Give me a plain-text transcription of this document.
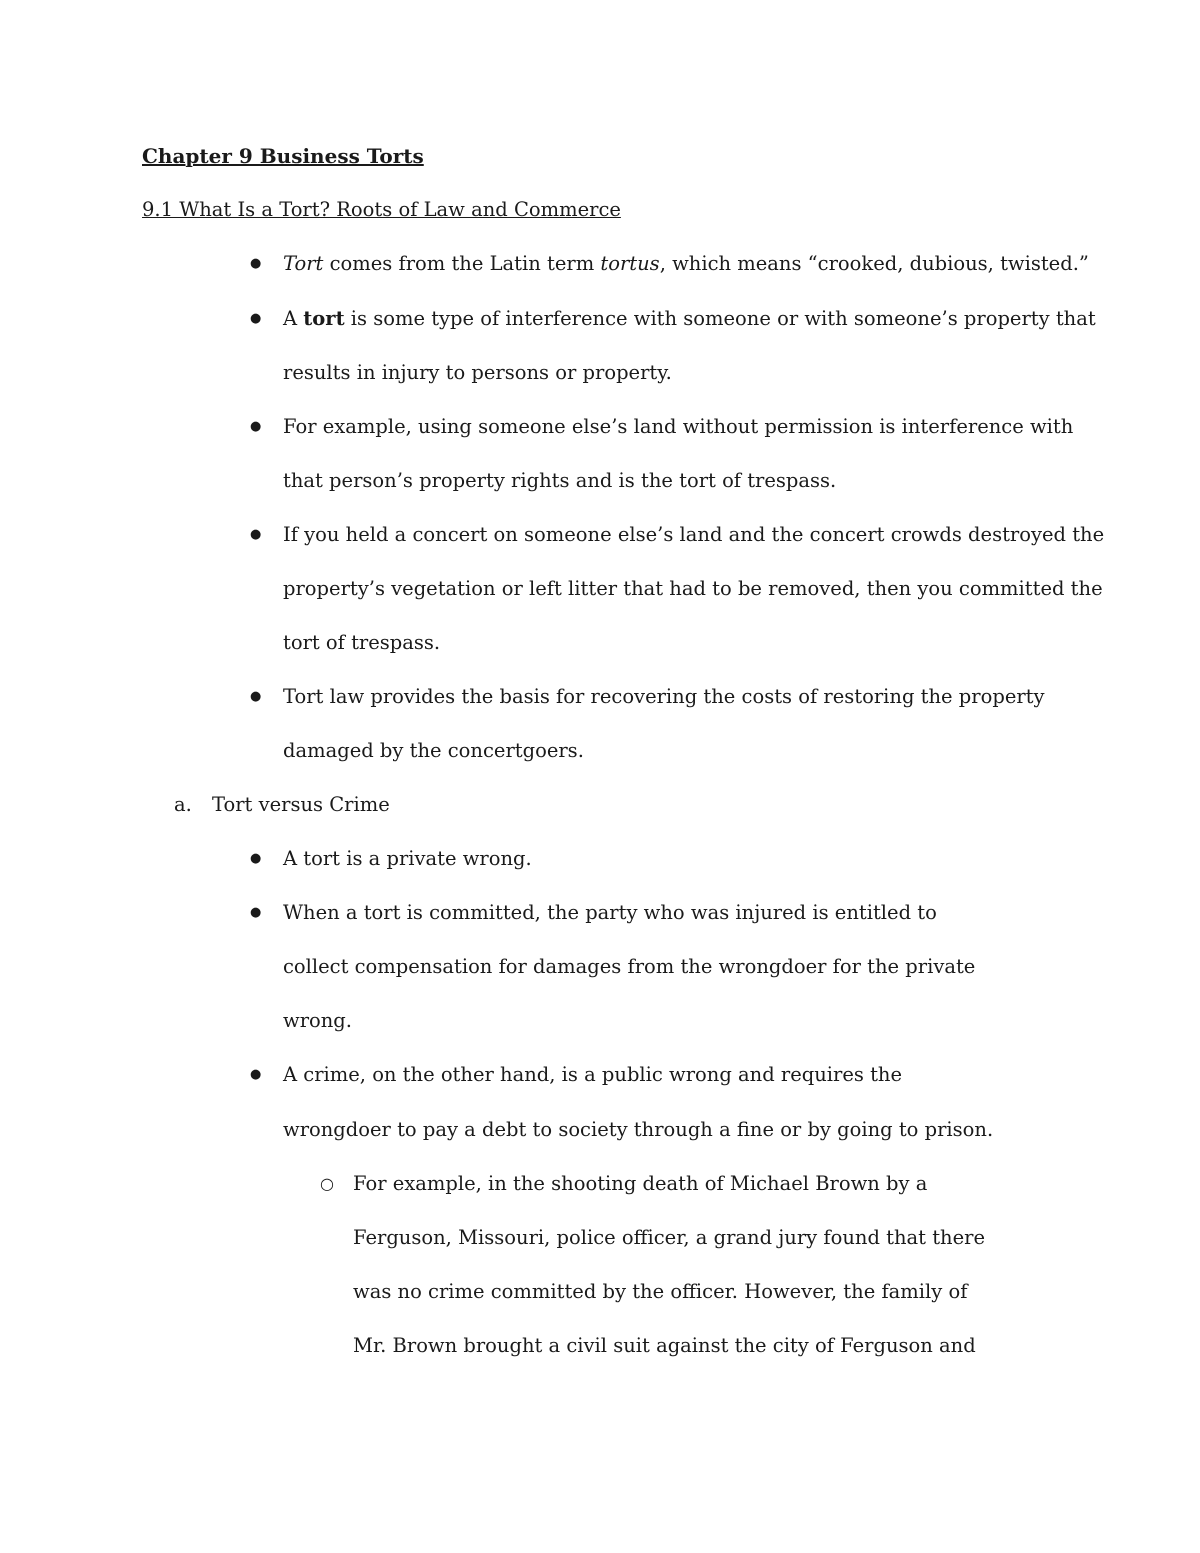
Chapter 9 Business Torts
9.1 What Is a Tort? Roots of Law and Commerce
● Tort comes from the Latin term tortus, which means “crooked, dubious, twisted.”
● A tort is some type of interference with someone or with someone’s property that
results in injury to persons or property.
● For example, using someone else’s land without permission is interference with
that person’s property rights and is the tort of trespass.
● If you held a concert on someone else’s land and the concert crowds destroyed the
property’s vegetation or left litter that had to be removed, then you committed the
tort of trespass.
● Tort law provides the basis for recovering the costs of restoring the property
damaged by the concertgoers.
a. Tort versus Crime
● A tort is a private wrong.
● When a tort is committed, the party who was injured is entitled to
collect compensation for damages from the wrongdoer for the private
wrong.
● A crime, on the other hand, is a public wrong and requires the
wrongdoer to pay a debt to society through a fine or by going to prison.
○ For example, in the shooting death of Michael Brown by a
Ferguson, Missouri, police officer, a grand jury found that there
was no crime committed by the officer. However, the family of
Mr. Brown brought a civil suit against the city of Ferguson and
